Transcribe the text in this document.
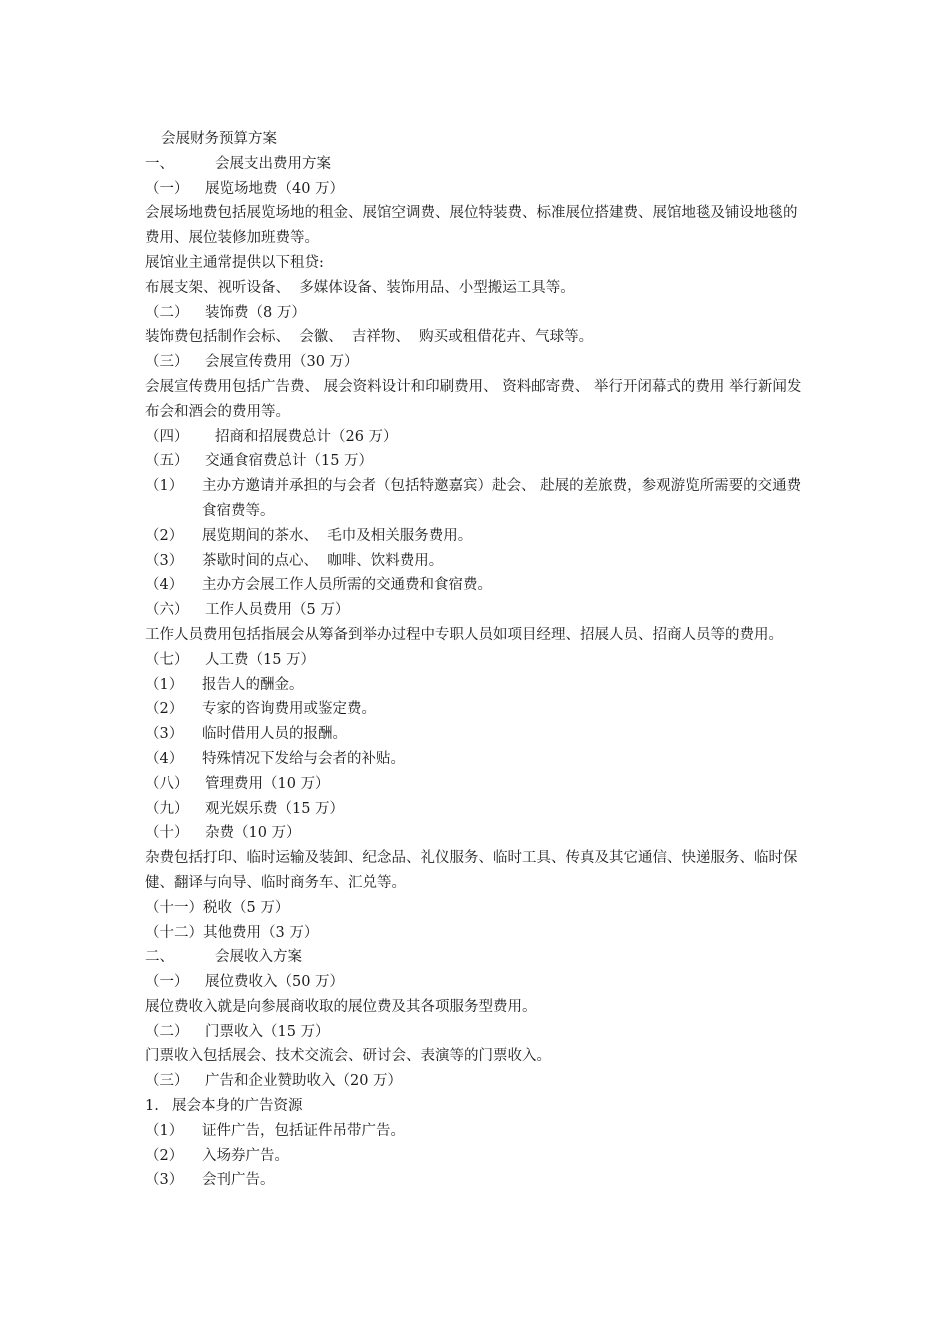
会展财务预算方案
一、	会展支出费用方案
（一） 展览场地费（40 万）
会展场地费包括展览场地的租金、展馆空调费、展位特装费、标准展位搭建费、展馆地毯及铺设地毯的费用、展位装修加班费等。
展馆业主通常提供以下租贷:
布展支架、视听设备、  多媒体设备、装饰用品、小型搬运工具等。
（二） 装饰费（8 万）
装饰费包括制作会标、  会徽、  吉祥物、  购买或租借花卉、气球等。
（三） 会展宣传费用（30 万）
会展宣传费用包括广告费、 展会资料设计和印刷费用、 资料邮寄费、 举行开闭幕式的费用 举行新闻发布会和酒会的费用等。
（四） 招商和招展费总计（26 万）
（五） 交通食宿费总计（15 万）
（1） 主办方邀请并承担的与会者（包括特邀嘉宾）赴会、 赴展的差旅费，参观游览所需要的交通费 食宿费等。
（2） 展览期间的茶水、  毛巾及相关服务费用。
（3） 茶歇时间的点心、  咖啡、饮料费用。
（4） 主办方会展工作人员所需的交通费和食宿费。
（六） 工作人员费用（5 万）
工作人员费用包括指展会从筹备到举办过程中专职人员如项目经理、招展人员、招商人员等的费用。
（七） 人工费（15 万）
（1） 报告人的酬金。
（2） 专家的咨询费用或鉴定费。
（3） 临时借用人员的报酬。
（4） 特殊情况下发给与会者的补贴。
（八） 管理费用（10 万）
（九） 观光娱乐费（15 万）
（十） 杂费（10 万）
杂费包括打印、临时运输及装卸、纪念品、礼仪服务、临时工具、传真及其它通信、快递服务、临时保健、翻译与向导、临时商务车、汇兑等。
（十一）税收（5 万）
（十二）其他费用（3 万）
二、	会展收入方案
（一） 展位费收入（50 万）
展位费收入就是向参展商收取的展位费及其各项服务型费用。
（二） 门票收入（15 万）
门票收入包括展会、技术交流会、研讨会、表演等的门票收入。
（三） 广告和企业赞助收入（20 万）
1. 展会本身的广告资源
（1） 证件广告，包括证件吊带广告。
（2） 入场券广告。
（3） 会刊广告。
